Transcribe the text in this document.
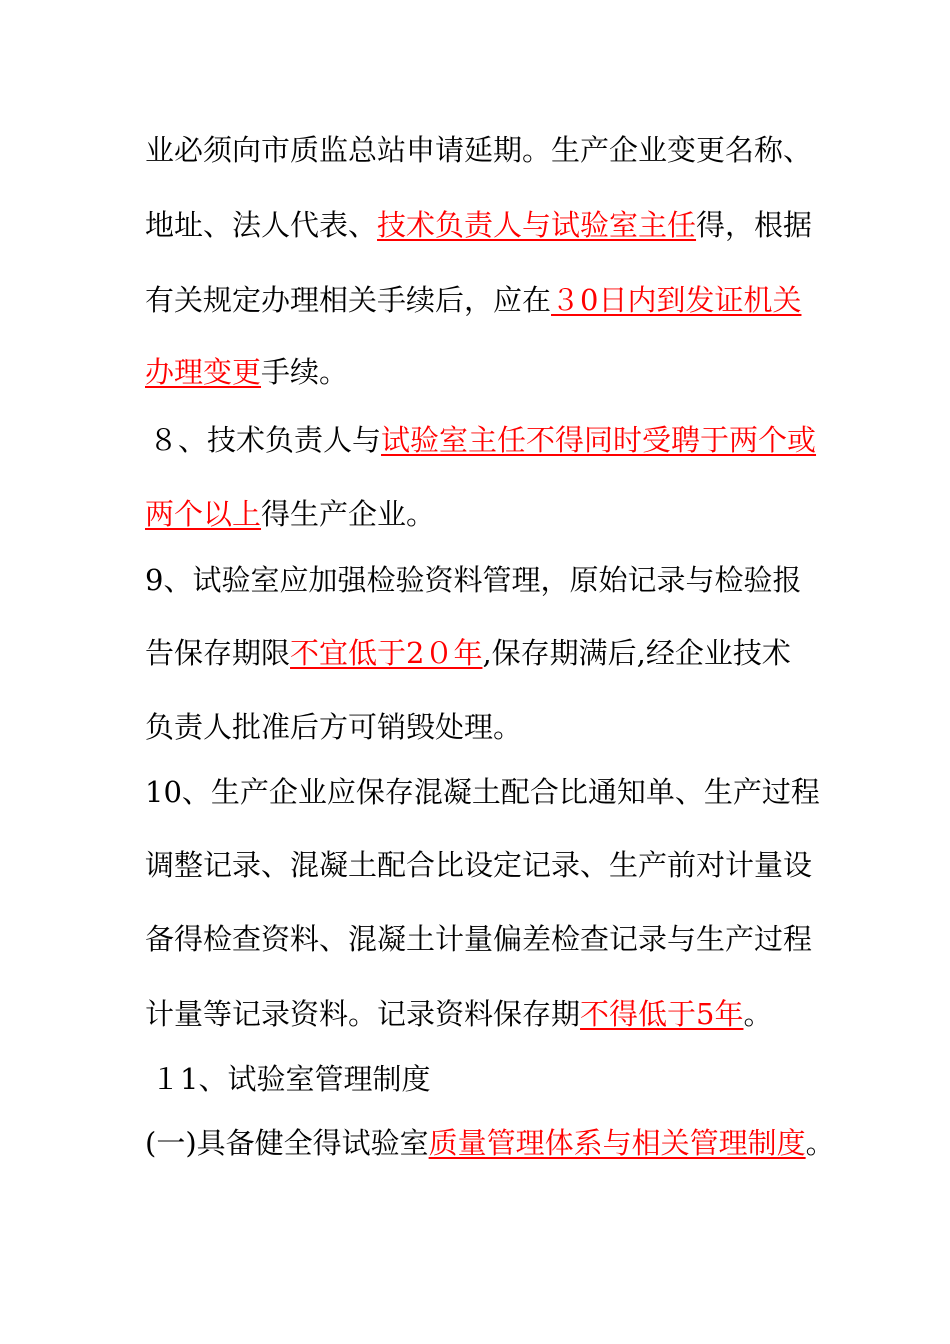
业必须向市质监总站申请延期。生产企业变更名称、
地址、法人代表、技术负责人与试验室主任得，根据
有关规定办理相关手续后，应在３0日内到发证机关
办理变更手续。
８、技术负责人与试验室主任不得同时受聘于两个或
两个以上得生产企业。
9、试验室应加强检验资料管理，原始记录与检验报
告保存期限不宜低于2０年,保存期满后,经企业技术
负责人批准后方可销毁处理。
10、生产企业应保存混凝土配合比通知单、生产过程
调整记录、混凝土配合比设定记录、生产前对计量设
备得检查资料、混凝土计量偏差检查记录与生产过程
计量等记录资料。记录资料保存期不得低于5年。
１1、试验室管理制度
(一)具备健全得试验室质量管理体系与相关管理制度。
